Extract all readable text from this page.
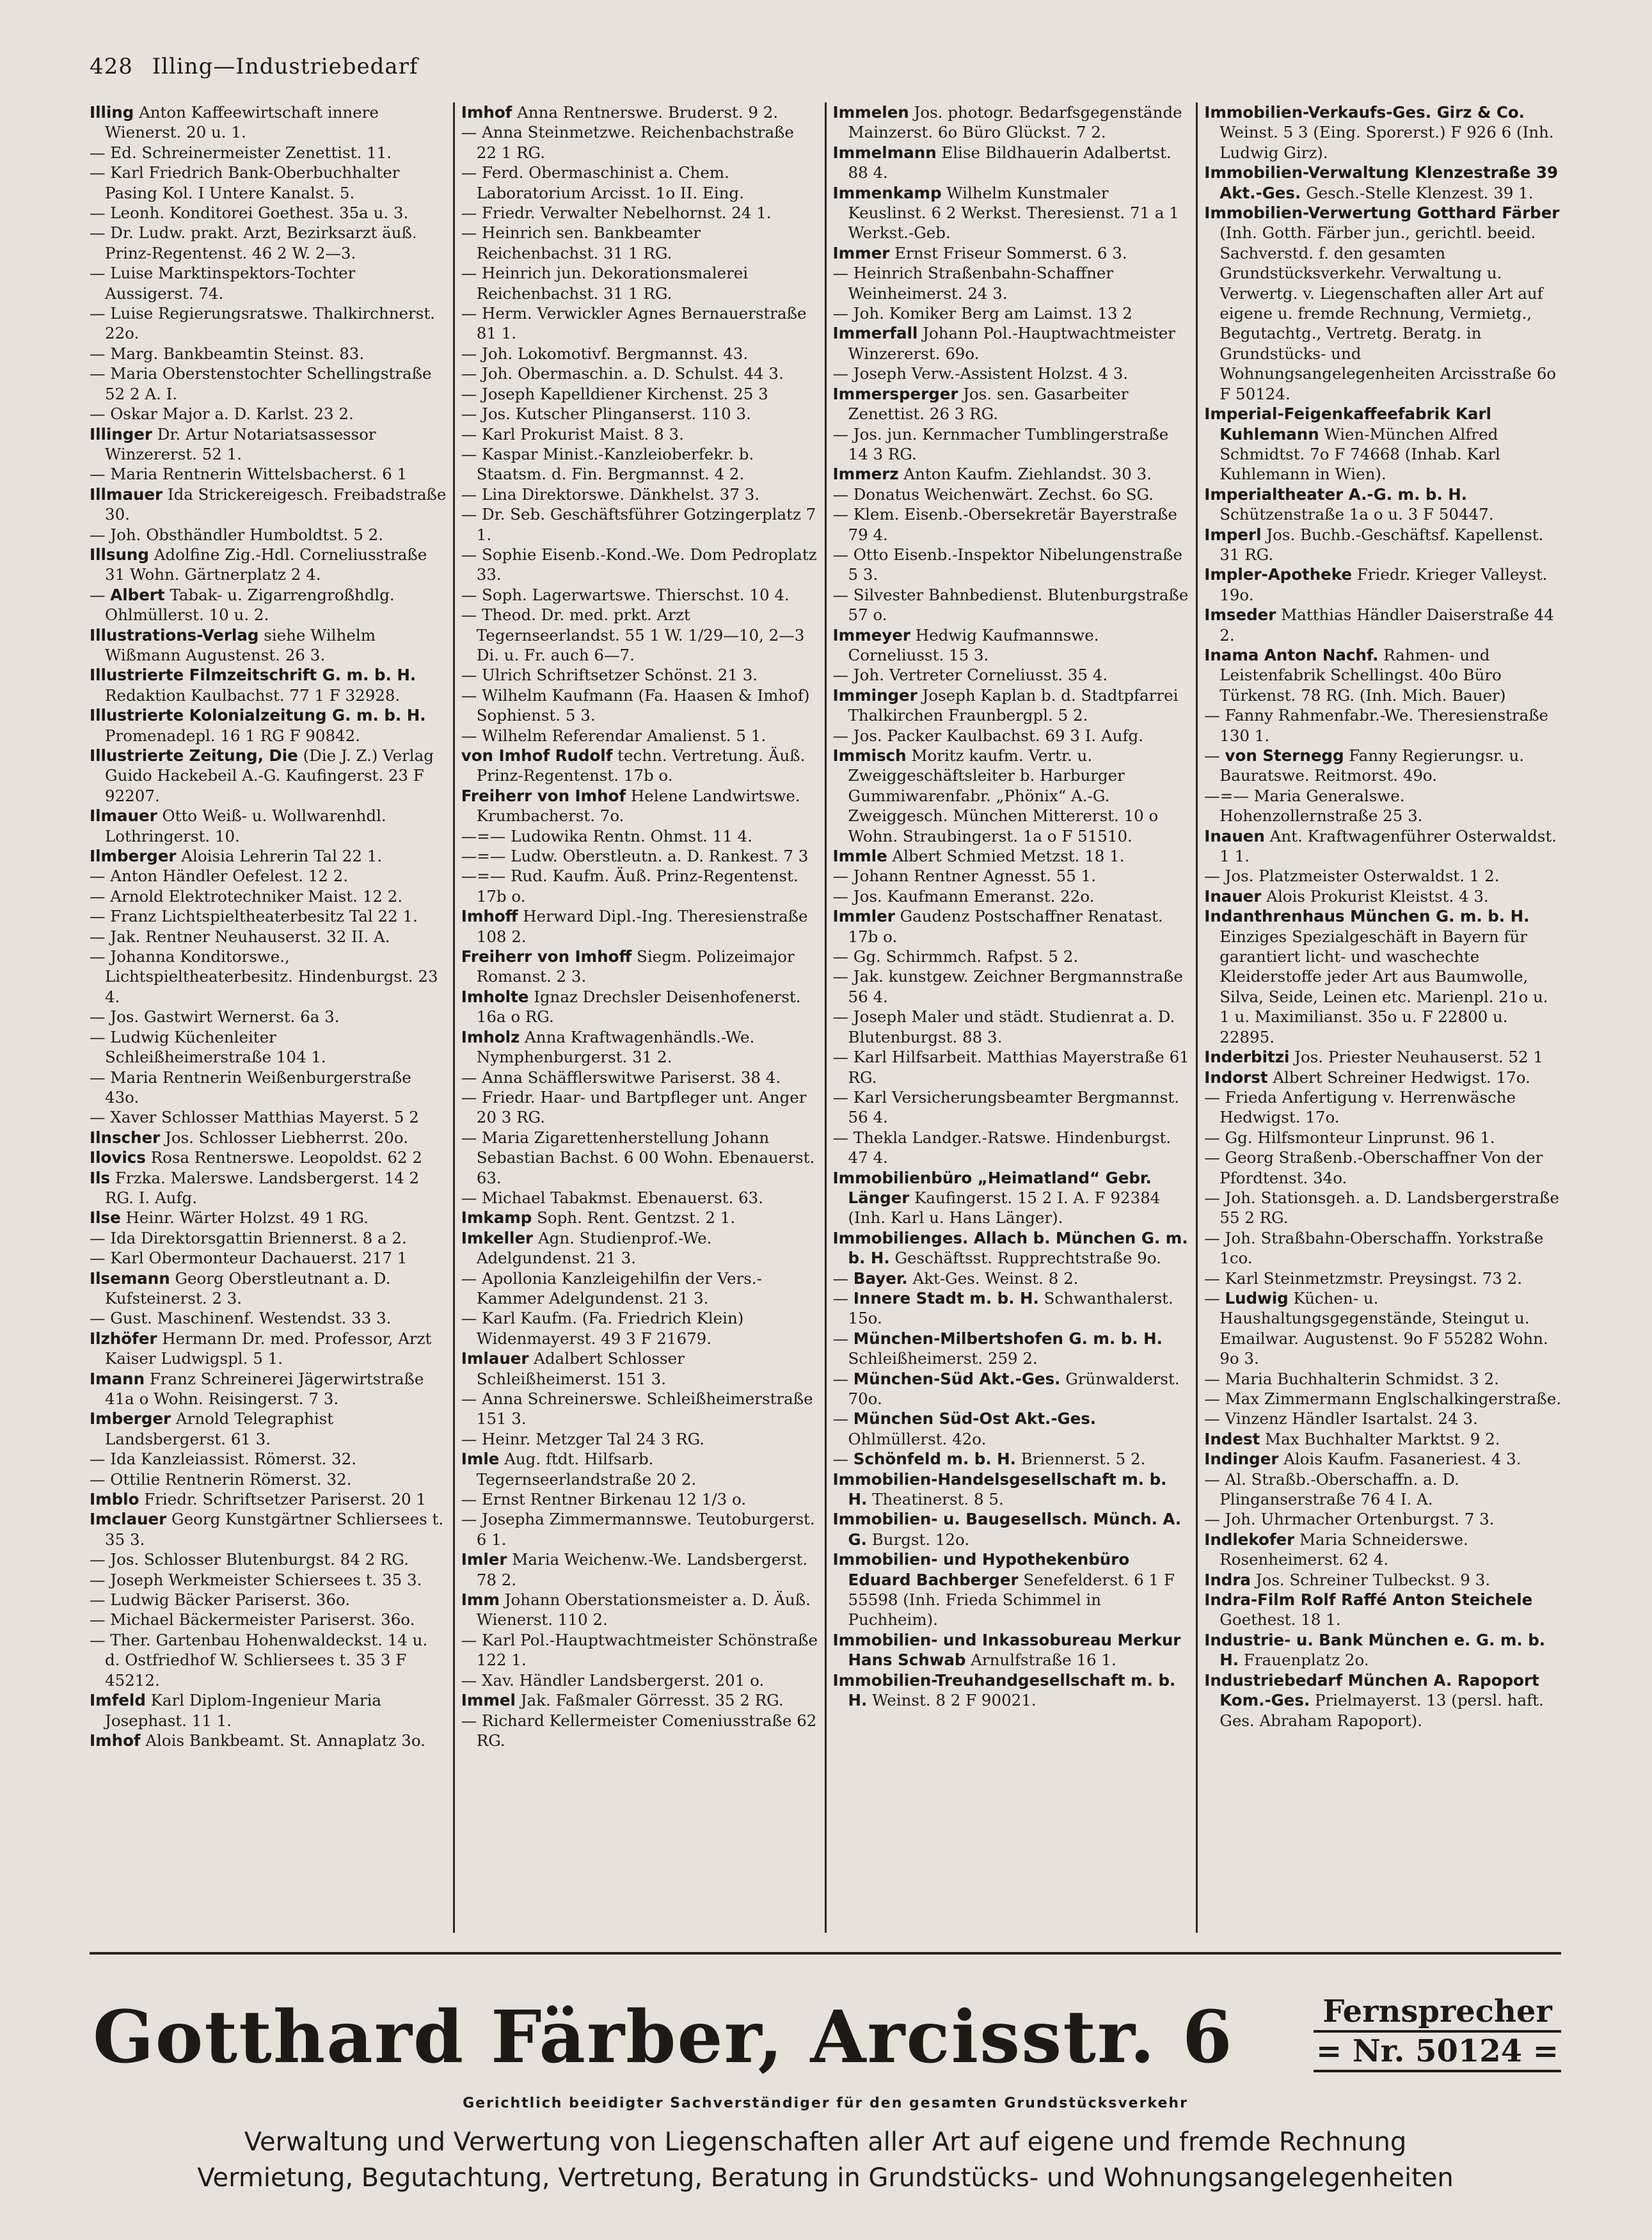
428 Illing—Industriebedarf

Illing Anton Kaffeewirtschaft innere Wienerst. 20 u. 1.

— Ed. Schreinermeister Zenettist. 11.

— Karl Friedrich Bank-Oberbuchhalter Pasing Kol. I Untere Kanalst. 5.

— Leonh. Konditorei Goethest. 35a u. 3.

— Dr. Ludw. prakt. Arzt, Bezirksarzt äuß. Prinz-Regentenst. 46 2 W. 2—3.

— Luise Marktinspektors-Tochter Aussigerst. 74.

— Luise Regierungsratswe. Thalkirchnerst. 22o.

— Marg. Bankbeamtin Steinst. 83.

— Maria Oberstenstochter Schellingstraße 52 2 A. I.

— Oskar Major a. D. Karlst. 23 2.

Illinger Dr. Artur Notariatsassessor Winzererst. 52 1.

— Maria Rentnerin Wittelsbacherst. 6 1

Illmauer Ida Strickereigesch. Freibadstraße 30.

— Joh. Obsthändler Humboldtst. 5 2.

Illsung Adolfine Zig.-Hdl. Corneliusstraße 31 Wohn. Gärtnerplatz 2 4.

— Albert Tabak- u. Zigarrengroßhdlg. Ohlmüllerst. 10 u. 2.

Illustrations-Verlag siehe Wilhelm Wißmann Augustenst. 26 3.

Illustrierte Filmzeitschrift G. m. b. H. Redaktion Kaulbachst. 77 1 F 32928.

Illustrierte Kolonialzeitung G. m. b. H. Promenadepl. 16 1 RG F 90842.

Illustrierte Zeitung, Die (Die J. Z.) Verlag Guido Hackebeil A.-G. Kaufingerst. 23 F 92207.

Ilmauer Otto Weiß- u. Wollwarenhdl. Lothringerst. 10.

Ilmberger Aloisia Lehrerin Tal 22 1.

— Anton Händler Oefelest. 12 2.

— Arnold Elektrotechniker Maist. 12 2.

— Franz Lichtspieltheaterbesitz Tal 22 1.

— Jak. Rentner Neuhauserst. 32 II. A.

— Johanna Konditorswe., Lichtspieltheaterbesitz. Hindenburgst. 23 4.

— Jos. Gastwirt Wernerst. 6a 3.

— Ludwig Küchenleiter Schleißheimerstraße 104 1.

— Maria Rentnerin Weißenburgerstraße 43o.

— Xaver Schlosser Matthias Mayerst. 5 2

Ilnscher Jos. Schlosser Liebherrst. 20o.

Ilovics Rosa Rentnerswe. Leopoldst. 62 2

Ils Frzka. Malerswe. Landsbergerst. 14 2 RG. I. Aufg.

Ilse Heinr. Wärter Holzst. 49 1 RG.

— Ida Direktorsgattin Briennerst. 8 a 2.

— Karl Obermonteur Dachauerst. 217 1

Ilsemann Georg Oberstleutnant a. D. Kufsteinerst. 2 3.

— Gust. Maschinenf. Westendst. 33 3.

Ilzhöfer Hermann Dr. med. Professor, Arzt Kaiser Ludwigspl. 5 1.

Imann Franz Schreinerei Jägerwirtstraße 41a o Wohn. Reisingerst. 7 3.

Imberger Arnold Telegraphist Landsbergerst. 61 3.

— Ida Kanzleiassist. Römerst. 32.

— Ottilie Rentnerin Römerst. 32.

Imblo Friedr. Schriftsetzer Pariserst. 20 1

Imclauer Georg Kunstgärtner Schliersees t. 35 3.

— Jos. Schlosser Blutenburgst. 84 2 RG.

— Joseph Werkmeister Schiersees t. 35 3.

— Ludwig Bäcker Pariserst. 36o.

— Michael Bäckermeister Pariserst. 36o.

— Ther. Gartenbau Hohenwaldeckst. 14 u. d. Ostfriedhof W. Schliersees t. 35 3 F 45212.

Imfeld Karl Diplom-Ingenieur Maria Josephast. 11 1.

Imhof Alois Bankbeamt. St. Annaplatz 3o.

Imhof Anna Rentnerswe. Bruderst. 9 2.

— Anna Steinmetzwe. Reichenbachstraße 22 1 RG.

— Ferd. Obermaschinist a. Chem. Laboratorium Arcisst. 1o II. Eing.

— Friedr. Verwalter Nebelhornst. 24 1.

— Heinrich sen. Bankbeamter Reichenbachst. 31 1 RG.

— Heinrich jun. Dekorationsmalerei Reichenbachst. 31 1 RG.

— Herm. Verwickler Agnes Bernauerstraße 81 1.

— Joh. Lokomotivf. Bergmannst. 43.

— Joh. Obermaschin. a. D. Schulst. 44 3.

— Joseph Kapelldiener Kirchenst. 25 3

— Jos. Kutscher Plinganserst. 110 3.

— Karl Prokurist Maist. 8 3.

— Kaspar Minist.-Kanzleioberfekr. b. Staatsm. d. Fin. Bergmannst. 4 2.

— Lina Direktorswe. Dänkhelst. 37 3.

— Dr. Seb. Geschäftsführer Gotzingerplatz 7 1.

— Sophie Eisenb.-Kond.-We. Dom Pedroplatz 33.

— Soph. Lagerwartswe. Thierschst. 10 4.

— Theod. Dr. med. prkt. Arzt Tegernseerlandst. 55 1 W. 1/29—10, 2—3 Di. u. Fr. auch 6—7.

— Ulrich Schriftsetzer Schönst. 21 3.

— Wilhelm Kaufmann (Fa. Haasen & Imhof) Sophienst. 5 3.

— Wilhelm Referendar Amalienst. 5 1.

von Imhof Rudolf techn. Vertretung. Äuß. Prinz-Regentenst. 17b o.

Freiherr von Imhof Helene Landwirtswe. Krumbacherst. 7o.

—=— Ludowika Rentn. Ohmst. 11 4.

—=— Ludw. Oberstleutn. a. D. Rankest. 7 3

—=— Rud. Kaufm. Äuß. Prinz-Regentenst. 17b o.

Imhoff Herward Dipl.-Ing. Theresienstraße 108 2.

Freiherr von Imhoff Siegm. Polizeimajor Romanst. 2 3.

Imholte Ignaz Drechsler Deisenhofenerst. 16a o RG.

Imholz Anna Kraftwagenhändls.-We. Nymphenburgerst. 31 2.

— Anna Schäfflerswitwe Pariserst. 38 4.

— Friedr. Haar- und Bartpfleger unt. Anger 20 3 RG.

— Maria Zigarettenherstellung Johann Sebastian Bachst. 6 00 Wohn. Ebenauerst. 63.

— Michael Tabakmst. Ebenauerst. 63.

Imkamp Soph. Rent. Gentzst. 2 1.

Imkeller Agn. Studienprof.-We. Adelgundenst. 21 3.

— Apollonia Kanzleigehilfin der Vers.-Kammer Adelgundenst. 21 3.

— Karl Kaufm. (Fa. Friedrich Klein) Widenmayerst. 49 3 F 21679.

Imlauer Adalbert Schlosser Schleißheimerst. 151 3.

— Anna Schreinerswe. Schleißheimerstraße 151 3.

— Heinr. Metzger Tal 24 3 RG.

Imle Aug. ftdt. Hilfsarb. Tegernseerlandstraße 20 2.

— Ernst Rentner Birkenau 12 1/3 o.

— Josepha Zimmermannswe. Teutoburgerst. 6 1.

Imler Maria Weichenw.-We. Landsbergerst. 78 2.

Imm Johann Oberstationsmeister a. D. Äuß. Wienerst. 110 2.

— Karl Pol.-Hauptwachtmeister Schönstraße 122 1.

— Xav. Händler Landsbergerst. 201 o.

Immel Jak. Faßmaler Görresst. 35 2 RG.

— Richard Kellermeister Comeniusstraße 62 RG.

Immelen Jos. photogr. Bedarfsgegenstände Mainzerst. 6o Büro Glückst. 7 2.

Immelmann Elise Bildhauerin Adalbertst. 88 4.

Immenkamp Wilhelm Kunstmaler Keuslinst. 6 2 Werkst. Theresienst. 71 a 1 Werkst.-Geb.

Immer Ernst Friseur Sommerst. 6 3.

— Heinrich Straßenbahn-Schaffner Weinheimerst. 24 3.

— Joh. Komiker Berg am Laimst. 13 2

Immerfall Johann Pol.-Hauptwachtmeister Winzererst. 69o.

— Joseph Verw.-Assistent Holzst. 4 3.

Immersperger Jos. sen. Gasarbeiter Zenettist. 26 3 RG.

— Jos. jun. Kernmacher Tumblingerstraße 14 3 RG.

Immerz Anton Kaufm. Ziehlandst. 30 3.

— Donatus Weichenwärt. Zechst. 6o SG.

— Klem. Eisenb.-Obersekretär Bayerstraße 79 4.

— Otto Eisenb.-Inspektor Nibelungenstraße 5 3.

— Silvester Bahnbedienst. Blutenburgstraße 57 o.

Immeyer Hedwig Kaufmannswe. Corneliusst. 15 3.

— Joh. Vertreter Corneliusst. 35 4.

Imminger Joseph Kaplan b. d. Stadtpfarrei Thalkirchen Fraunbergpl. 5 2.

— Jos. Packer Kaulbachst. 69 3 I. Aufg.

Immisch Moritz kaufm. Vertr. u. Zweiggeschäftsleiter b. Harburger Gummiwarenfabr. „Phönix“ A.-G. Zweiggesch. München Mittererst. 10 o Wohn. Straubingerst. 1a o F 51510.

Immle Albert Schmied Metzst. 18 1.

— Johann Rentner Agnesst. 55 1.

— Jos. Kaufmann Emeranst. 22o.

Immler Gaudenz Postschaffner Renatast. 17b o.

— Gg. Schirmmch. Rafpst. 5 2.

— Jak. kunstgew. Zeichner Bergmannstraße 56 4.

— Joseph Maler und städt. Studienrat a. D. Blutenburgst. 88 3.

— Karl Hilfsarbeit. Matthias Mayerstraße 61 RG.

— Karl Versicherungsbeamter Bergmannst. 56 4.

— Thekla Landger.-Ratswe. Hindenburgst. 47 4.

Immobilienbüro „Heimatland“ Gebr. Länger Kaufingerst. 15 2 I. A. F 92384 (Inh. Karl u. Hans Länger).

Immobilienges. Allach b. München G. m. b. H. Geschäftsst. Rupprechtstraße 9o.

— Bayer. Akt-Ges. Weinst. 8 2.

— Innere Stadt m. b. H. Schwanthalerst. 15o.

— München-Milbertshofen G. m. b. H. Schleißheimerst. 259 2.

— München-Süd Akt.-Ges. Grünwalderst. 70o.

— München Süd-Ost Akt.-Ges. Ohlmüllerst. 42o.

— Schönfeld m. b. H. Briennerst. 5 2.

Immobilien-Handelsgesellschaft m. b. H. Theatinerst. 8 5.

Immobilien- u. Baugesellsch. Münch. A. G. Burgst. 12o.

Immobilien- und Hypothekenbüro Eduard Bachberger Senefelderst. 6 1 F 55598 (Inh. Frieda Schimmel in Puchheim).

Immobilien- und Inkassobureau Merkur Hans Schwab Arnulfstraße 16 1.

Immobilien-Treuhandgesellschaft m. b. H. Weinst. 8 2 F 90021.

Immobilien-Verkaufs-Ges. Girz & Co. Weinst. 5 3 (Eing. Sporerst.) F 926 6 (Inh. Ludwig Girz).

Immobilien-Verwaltung Klenzestraße 39 Akt.-Ges. Gesch.-Stelle Klenzest. 39 1.

Immobilien-Verwertung Gotthard Färber (Inh. Gotth. Färber jun., gerichtl. beeid. Sachverstd. f. den gesamten Grundstücksverkehr. Verwaltung u. Verwertg. v. Liegenschaften aller Art auf eigene u. fremde Rechnung, Vermietg., Begutachtg., Vertretg. Beratg. in Grundstücks- und Wohnungsangelegenheiten Arcisstraße 6o F 50124.

Imperial-Feigenkaffeefabrik Karl Kuhlemann Wien-München Alfred Schmidtst. 7o F 74668 (Inhab. Karl Kuhlemann in Wien).

Imperialtheater A.-G. m. b. H. Schützenstraße 1a o u. 3 F 50447.

Imperl Jos. Buchb.-Geschäftsf. Kapellenst. 31 RG.

Impler-Apotheke Friedr. Krieger Valleyst. 19o.

Imseder Matthias Händler Daiserstraße 44 2.

Inama Anton Nachf. Rahmen- und Leistenfabrik Schellingst. 40o Büro Türkenst. 78 RG. (Inh. Mich. Bauer)

— Fanny Rahmenfabr.-We. Theresienstraße 130 1.

— von Sternegg Fanny Regierungsr. u. Bauratswe. Reitmorst. 49o.

—=— Maria Generalswe. Hohenzollernstraße 25 3.

Inauen Ant. Kraftwagenführer Osterwaldst. 1 1.

— Jos. Platzmeister Osterwaldst. 1 2.

Inauer Alois Prokurist Kleistst. 4 3.

Indanthrenhaus München G. m. b. H. Einziges Spezialgeschäft in Bayern für garantiert licht- und waschechte Kleiderstoffe jeder Art aus Baumwolle, Silva, Seide, Leinen etc. Marienpl. 21o u. 1 u. Maximilianst. 35o u. F 22800 u. 22895.

Inderbitzi Jos. Priester Neuhauserst. 52 1

Indorst Albert Schreiner Hedwigst. 17o.

— Frieda Anfertigung v. Herrenwäsche Hedwigst. 17o.

— Gg. Hilfsmonteur Linprunst. 96 1.

— Georg Straßenb.-Oberschaffner Von der Pfordtenst. 34o.

— Joh. Stationsgeh. a. D. Landsbergerstraße 55 2 RG.

— Joh. Straßbahn-Oberschaffn. Yorkstraße 1co.

— Karl Steinmetzmstr. Preysingst. 73 2.

— Ludwig Küchen- u. Haushaltungsgegenstände, Steingut u. Emailwar. Augustenst. 9o F 55282 Wohn. 9o 3.

— Maria Buchhalterin Schmidst. 3 2.

— Max Zimmermann Englschalkingerstraße.

— Vinzenz Händler Isartalst. 24 3.

Indest Max Buchhalter Marktst. 9 2.

Indinger Alois Kaufm. Fasaneriest. 4 3.

— Al. Straßb.-Oberschaffn. a. D. Plinganserstraße 76 4 I. A.

— Joh. Uhrmacher Ortenburgst. 7 3.

Indlekofer Maria Schneiderswe. Rosenheimerst. 62 4.

Indra Jos. Schreiner Tulbeckst. 9 3.

Indra-Film Rolf Raffé Anton Steichele Goethest. 18 1.

Industrie- u. Bank München e. G. m. b. H. Frauenplatz 2o.

Industriebedarf München A. Rapoport Kom.-Ges. Prielmayerst. 13 (persl. haft. Ges. Abraham Rapoport).

Gotthard Färber, Arcisstr. 6	Fernsprecher
= Nr. 50124 =
Gerichtlich beeidigter Sachverständiger für den gesamten Grundstücksverkehr
Verwaltung und Verwertung von Liegenschaften aller Art auf eigene und fremde Rechnung
Vermietung, Begutachtung, Vertretung, Beratung in Grundstücks- und Wohnungsangelegenheiten
